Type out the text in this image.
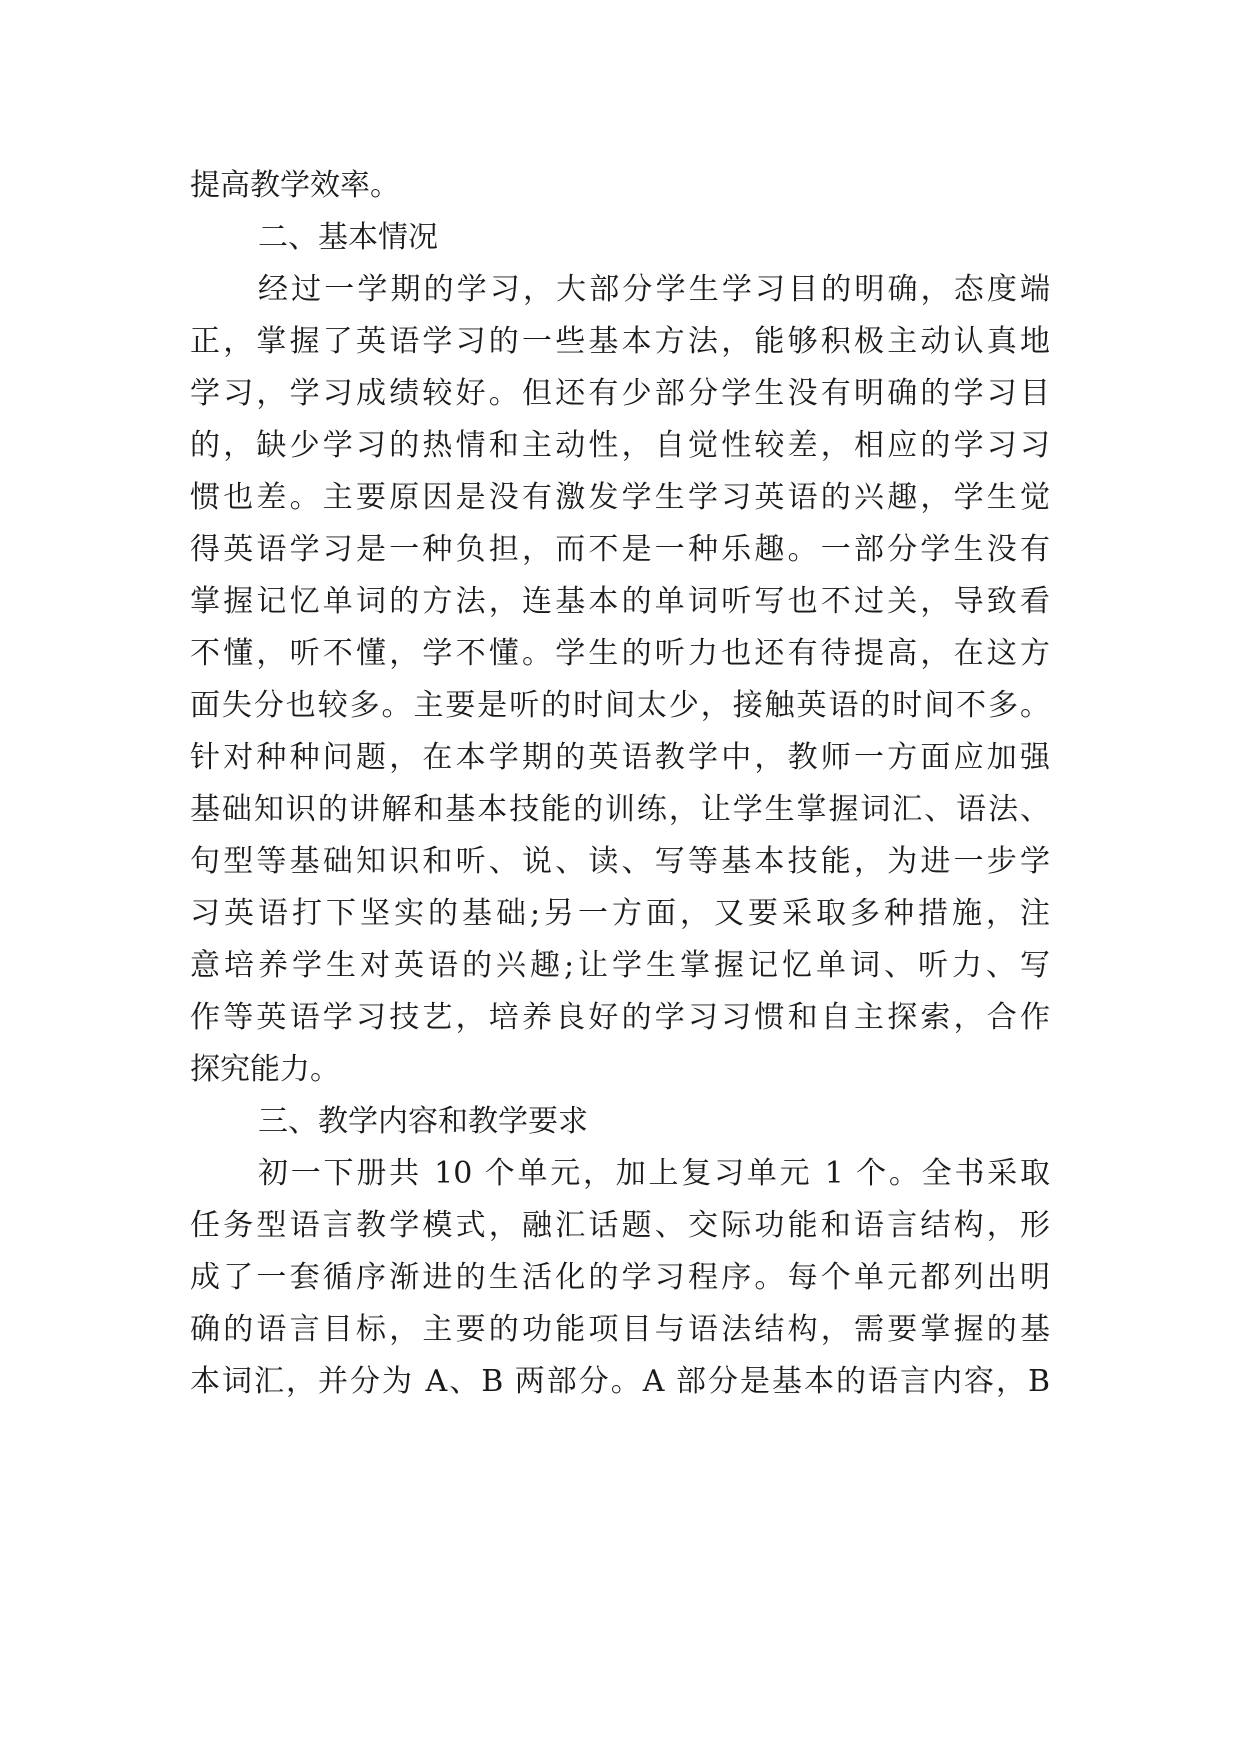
提高教学效率。
二、基本情况
经过一学期的学习，大部分学生学习目的明确，态度端
正，掌握了英语学习的一些基本方法，能够积极主动认真地
学习，学习成绩较好。但还有少部分学生没有明确的学习目
的，缺少学习的热情和主动性，自觉性较差，相应的学习习
惯也差。主要原因是没有激发学生学习英语的兴趣，学生觉
得英语学习是一种负担，而不是一种乐趣。一部分学生没有
掌握记忆单词的方法，连基本的单词听写也不过关，导致看
不懂，听不懂，学不懂。学生的听力也还有待提高，在这方
面失分也较多。主要是听的时间太少，接触英语的时间不多。
针对种种问题，在本学期的英语教学中，教师一方面应加强
基础知识的讲解和基本技能的训练，让学生掌握词汇、语法、
句型等基础知识和听、说、读、写等基本技能，为进一步学
习英语打下坚实的基础;另一方面，又要采取多种措施，注
意培养学生对英语的兴趣;让学生掌握记忆单词、听力、写
作等英语学习技艺，培养良好的学习习惯和自主探索，合作
探究能力。
三、教学内容和教学要求
初一下册共 10 个单元，加上复习单元 1 个。全书采取
任务型语言教学模式，融汇话题、交际功能和语言结构，形
成了一套循序渐进的生活化的学习程序。每个单元都列出明
确的语言目标，主要的功能项目与语法结构，需要掌握的基
本词汇，并分为 A、B 两部分。A 部分是基本的语言内容，B
